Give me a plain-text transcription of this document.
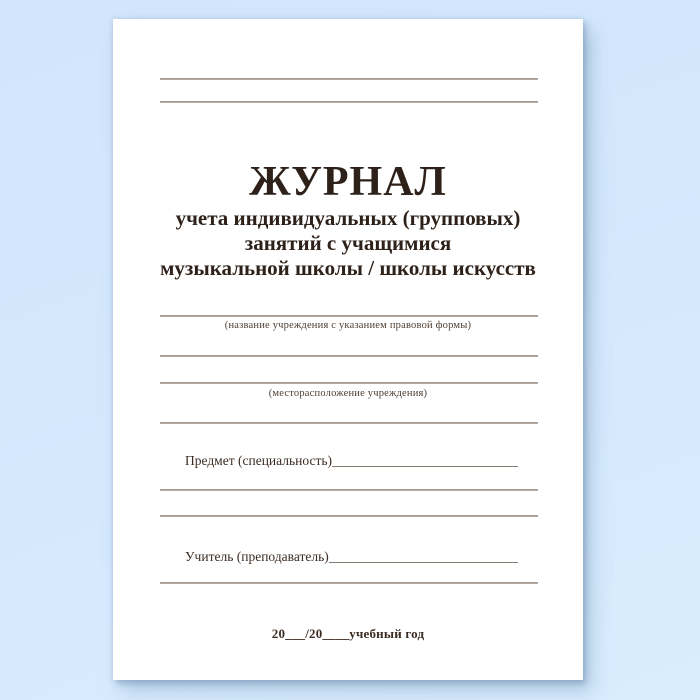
ЖУРНАЛ
учета индивидуальных (групповых)
занятий с учащимися
музыкальной школы / школы искусств
(название учреждения с указанием правовой формы)
(месторасположение учреждения)
Предмет (специальность)
Учитель (преподаватель)
20___/20____учебный год
